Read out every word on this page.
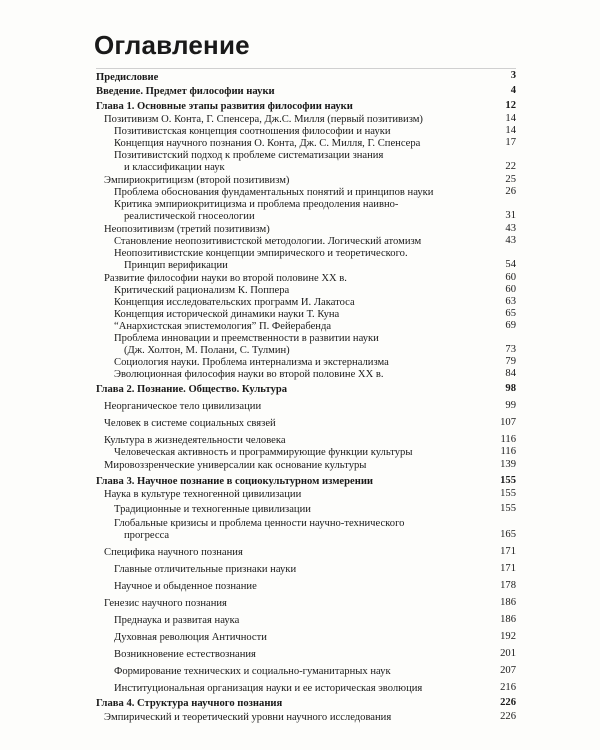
Оглавление
Предисловие	3
Введение. Предмет философии науки	4
Глава 1. Основные этапы развития философии науки	12
Позитивизм О. Конта, Г. Спенсера, Дж.С. Милля (первый позитивизм)	14
Позитивистская концепция соотношения философии и науки	14
Концепция научного познания О. Конта, Дж. С. Милля, Г. Спенсера	17
Позитивистский подход к проблеме систематизации знания
и классификации наук	22
Эмпириокритицизм (второй позитивизм)	25
Проблема обоснования фундаментальных понятий и принципов науки	26
Критика эмпириокритицизма и проблема преодоления наивно-
реалистической гносеологии	31
Неопозитивизм (третий позитивизм)	43
Становление неопозитивистской методологии. Логический атомизм	43
Неопозитивистские концепции эмпирического и теоретического.
Принцип верификации	54
Развитие философии науки во второй половине XX в.	60
Критический рационализм К. Поппера	60
Концепция исследовательских программ И. Лакатоса	63
Концепция исторической динамики науки Т. Куна	65
“Анархистская эпистемология” П. Фейерабенда	69
Проблема инновации и преемственности в развитии науки
(Дж. Холтон, М. Полани, С. Тулмин)	73
Социология науки. Проблема интернализма и экстернализма	79
Эволюционная философия науки во второй половине XX в.	84
Глава 2. Познание. Общество. Культура	98
Неорганическое тело цивилизации	99
Человек в системе социальных связей	107
Культура в жизнедеятельности человека	116
Человеческая активность и программирующие функции культуры	116
Мировоззренческие универсалии как основание культуры	139
Глава 3. Научное познание в социокультурном измерении	155
Наука в культуре техногенной цивилизации	155
Традиционные и техногенные цивилизации	155
Глобальные кризисы и проблема ценности научно-технического
прогресса	165
Специфика научного познания	171
Главные отличительные признаки науки	171
Научное и обыденное познание	178
Генезис научного познания	186
Преднаука и развитая наука	186
Духовная революция Античности	192
Возникновение естествознания	201
Формирование технических и социально-гуманитарных наук	207
Институциональная организация науки и ее историческая эволюция	216
Глава 4. Структура научного познания	226
Эмпирический и теоретический уровни научного исследования	226
